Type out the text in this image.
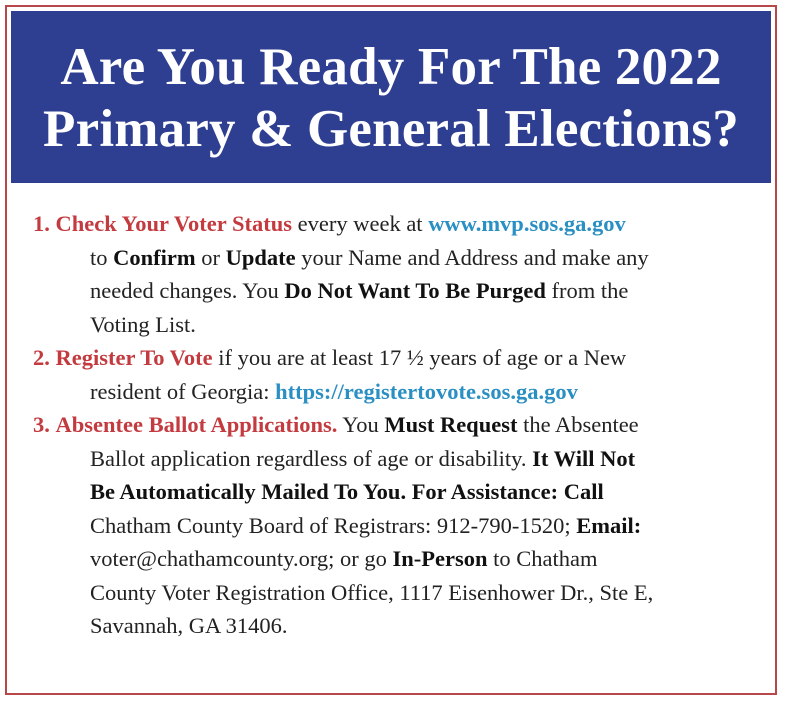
Are You Ready For The 2022
Primary & General Elections?
1. Check Your Voter Status every week at www.mvp.sos.ga.gov
to Confirm or Update your Name and Address and make any
needed changes. You Do Not Want To Be Purged from the
Voting List.
2. Register To Vote if you are at least 17 ½ years of age or a New
resident of Georgia: https://registertovote.sos.ga.gov
3. Absentee Ballot Applications. You Must Request the Absentee
Ballot application regardless of age or disability. It Will Not
Be Automatically Mailed To You. For Assistance: Call
Chatham County Board of Registrars: 912-790-1520; Email:
voter@chathamcounty.org; or go In-Person to Chatham
County Voter Registration Office, 1117 Eisenhower Dr., Ste E,
Savannah, GA 31406.
